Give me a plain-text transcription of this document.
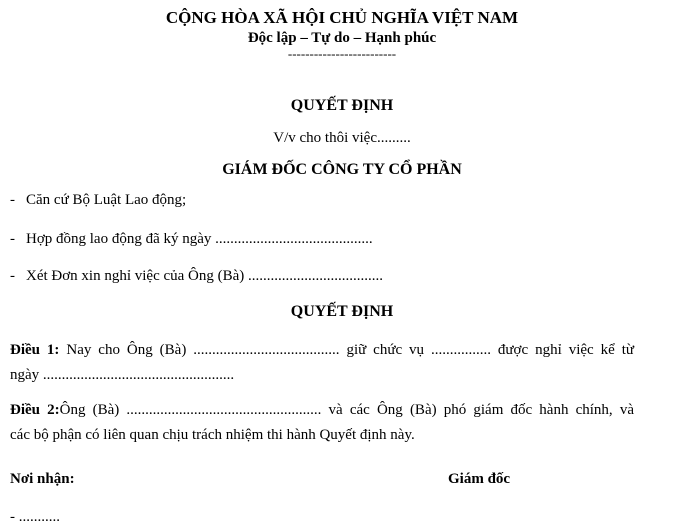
CỘNG HÒA XÃ HỘI CHỦ NGHĨA VIỆT NAM
Độc lập – Tự do – Hạnh phúc
-------------------------
QUYẾT ĐỊNH
V/v cho thôi việc.........
GIÁM ĐỐC CÔNG TY CỔ PHẦN
- Căn cứ Bộ Luật Lao động;
- Hợp đồng lao động đã ký ngày ..........................................
- Xét Đơn xin nghỉ việc của Ông (Bà) ....................................
QUYẾT ĐỊNH
Điều 1: Nay cho Ông (Bà) ....................................... giữ chức vụ ................ được nghỉ việc kể từ
ngày ...................................................
Điều 2:Ông (Bà) .................................................... và các Ông (Bà) phó giám đốc hành chính, và
các bộ phận có liên quan chịu trách nhiệm thi hành Quyết định này.
Nơi nhận:	Giám đốc
- ...........
